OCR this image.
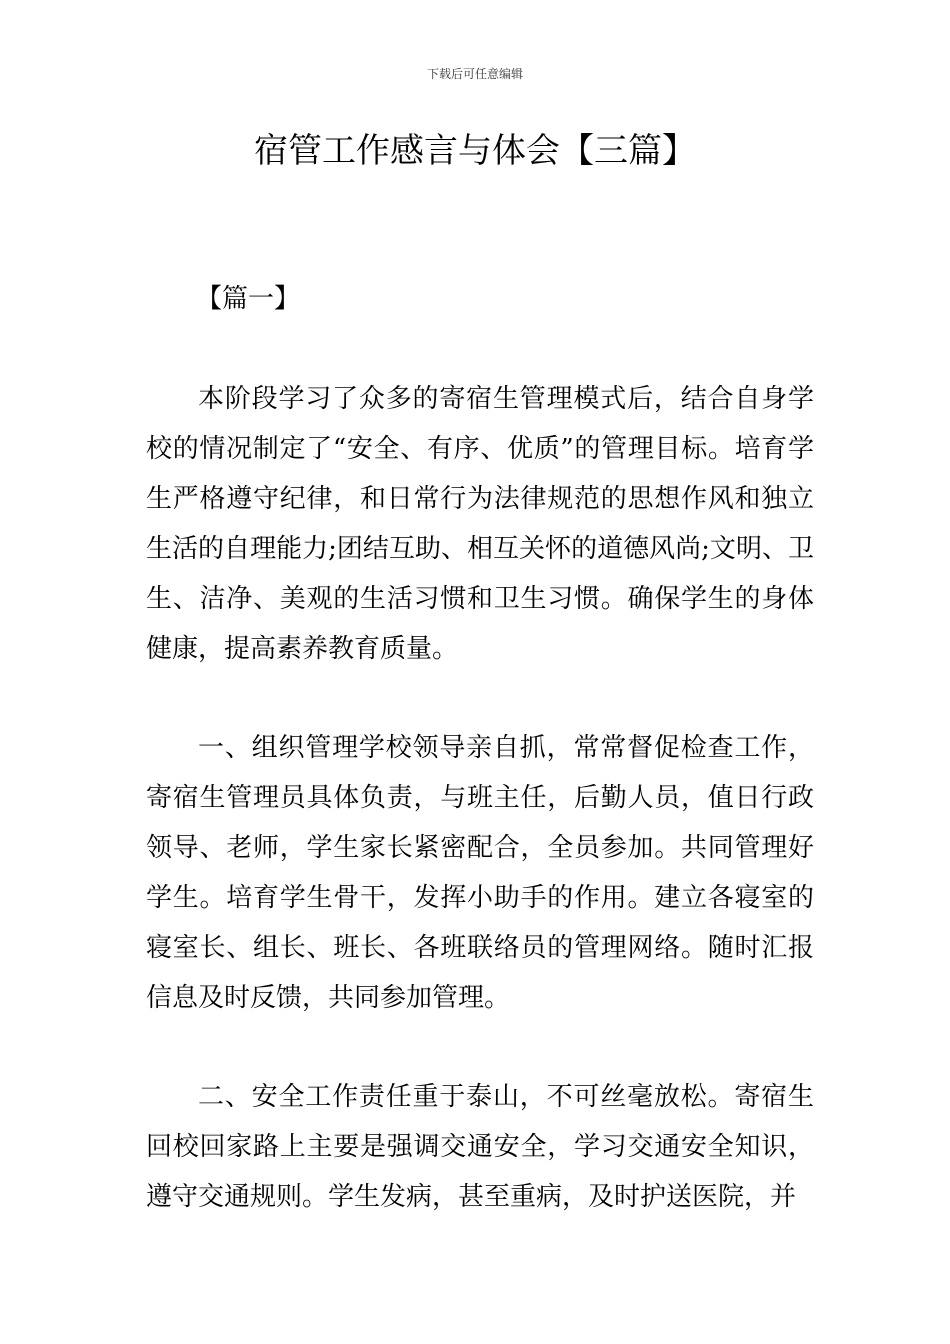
下载后可任意编辑
宿管工作感言与体会【三篇】
【篇一】

本阶段学习了众多的寄宿生管理模式后，结合自身学校的情况制定了“安全、有序、优质”的管理目标。培育学生严格遵守纪律，和日常行为法律规范的思想作风和独立生活的自理能力;团结互助、相互关怀的道德风尚;文明、卫生、洁净、美观的生活习惯和卫生习惯。确保学生的身体健康，提高素养教育质量。

一、组织管理学校领导亲自抓，常常督促检查工作，寄宿生管理员具体负责，与班主任，后勤人员，值日行政领导、老师，学生家长紧密配合，全员参加。共同管理好学生。培育学生骨干，发挥小助手的作用。建立各寝室的寝室长、组长、班长、各班联络员的管理网络。随时汇报信息及时反馈，共同参加管理。

二、安全工作责任重于泰山，不可丝毫放松。寄宿生回校回家路上主要是强调交通安全，学习交通安全知识，遵守交通规则。学生发病，甚至重病，及时护送医院，并
